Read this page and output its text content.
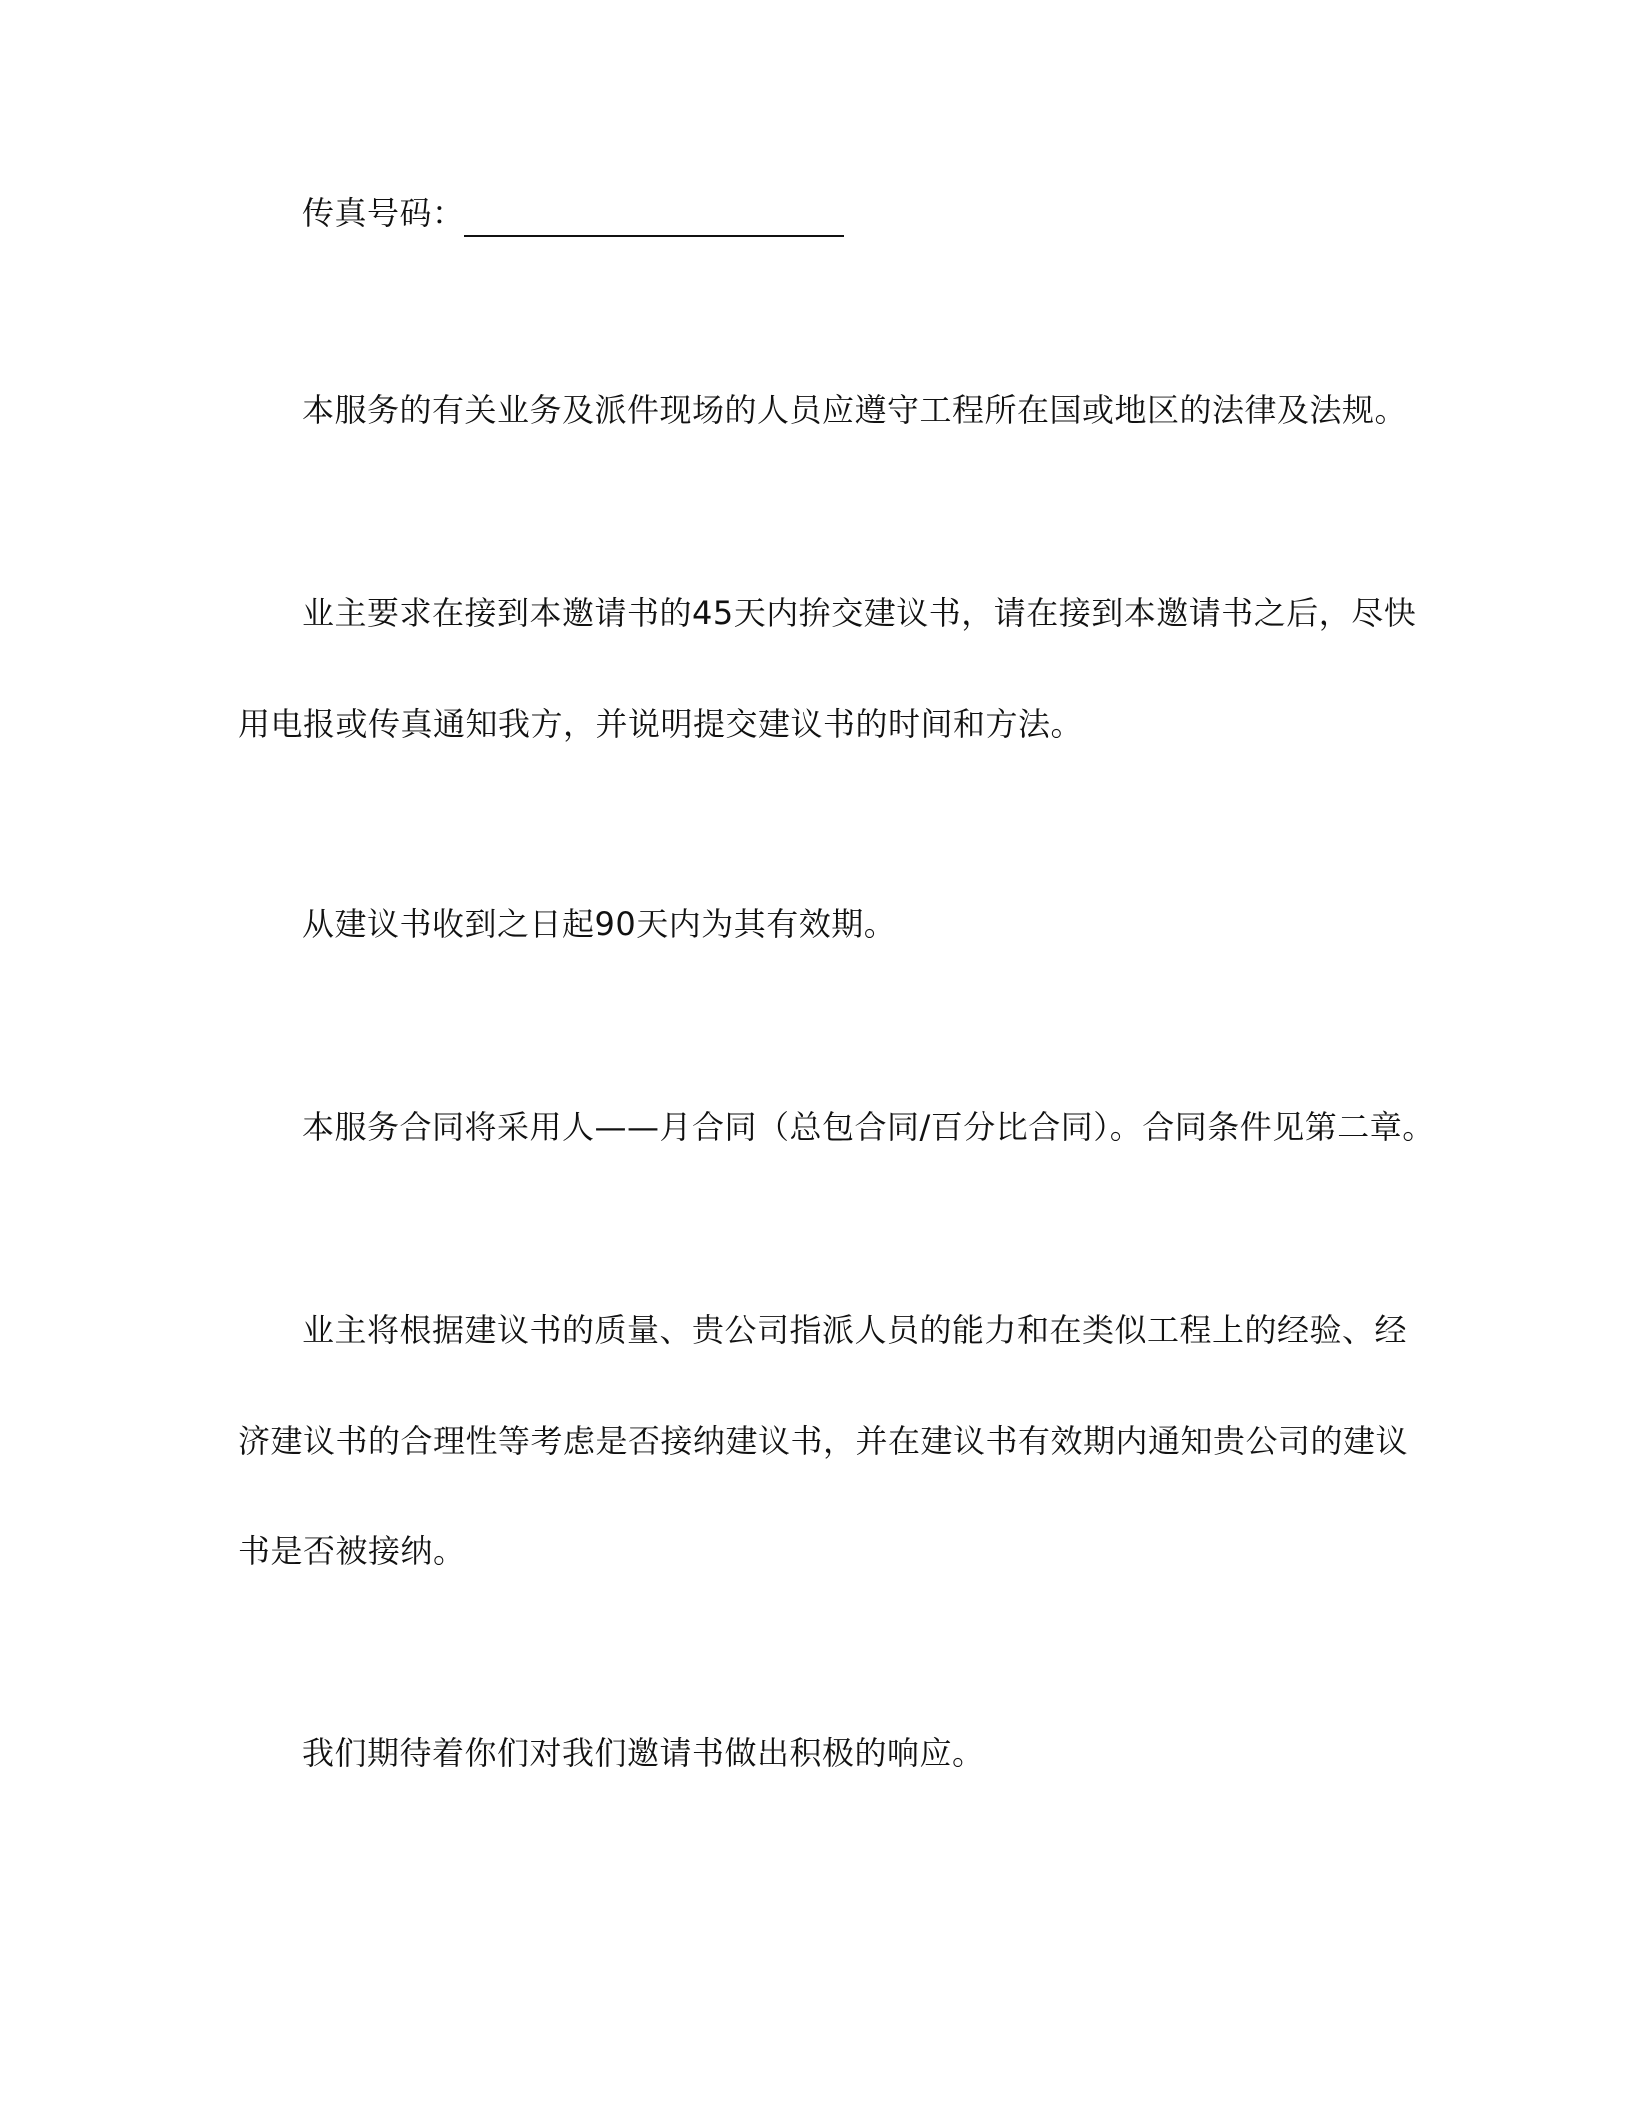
传真号码：
本服务的有关业务及派件现场的人员应遵守工程所在国或地区的法律及法规。
业主要求在接到本邀请书的45天内拚交建议书，请在接到本邀请书之后，尽快
用电报或传真通知我方，并说明提交建议书的时间和方法。
从建议书收到之日起90天内为其有效期。
本服务合同将采用人——月合同（总包合同/百分比合同）。合同条件见第二章。
业主将根据建议书的质量、贵公司指派人员的能力和在类似工程上的经验、经
济建议书的合理性等考虑是否接纳建议书，并在建议书有效期内通知贵公司的建议
书是否被接纳。
我们期待着你们对我们邀请书做出积极的响应。
